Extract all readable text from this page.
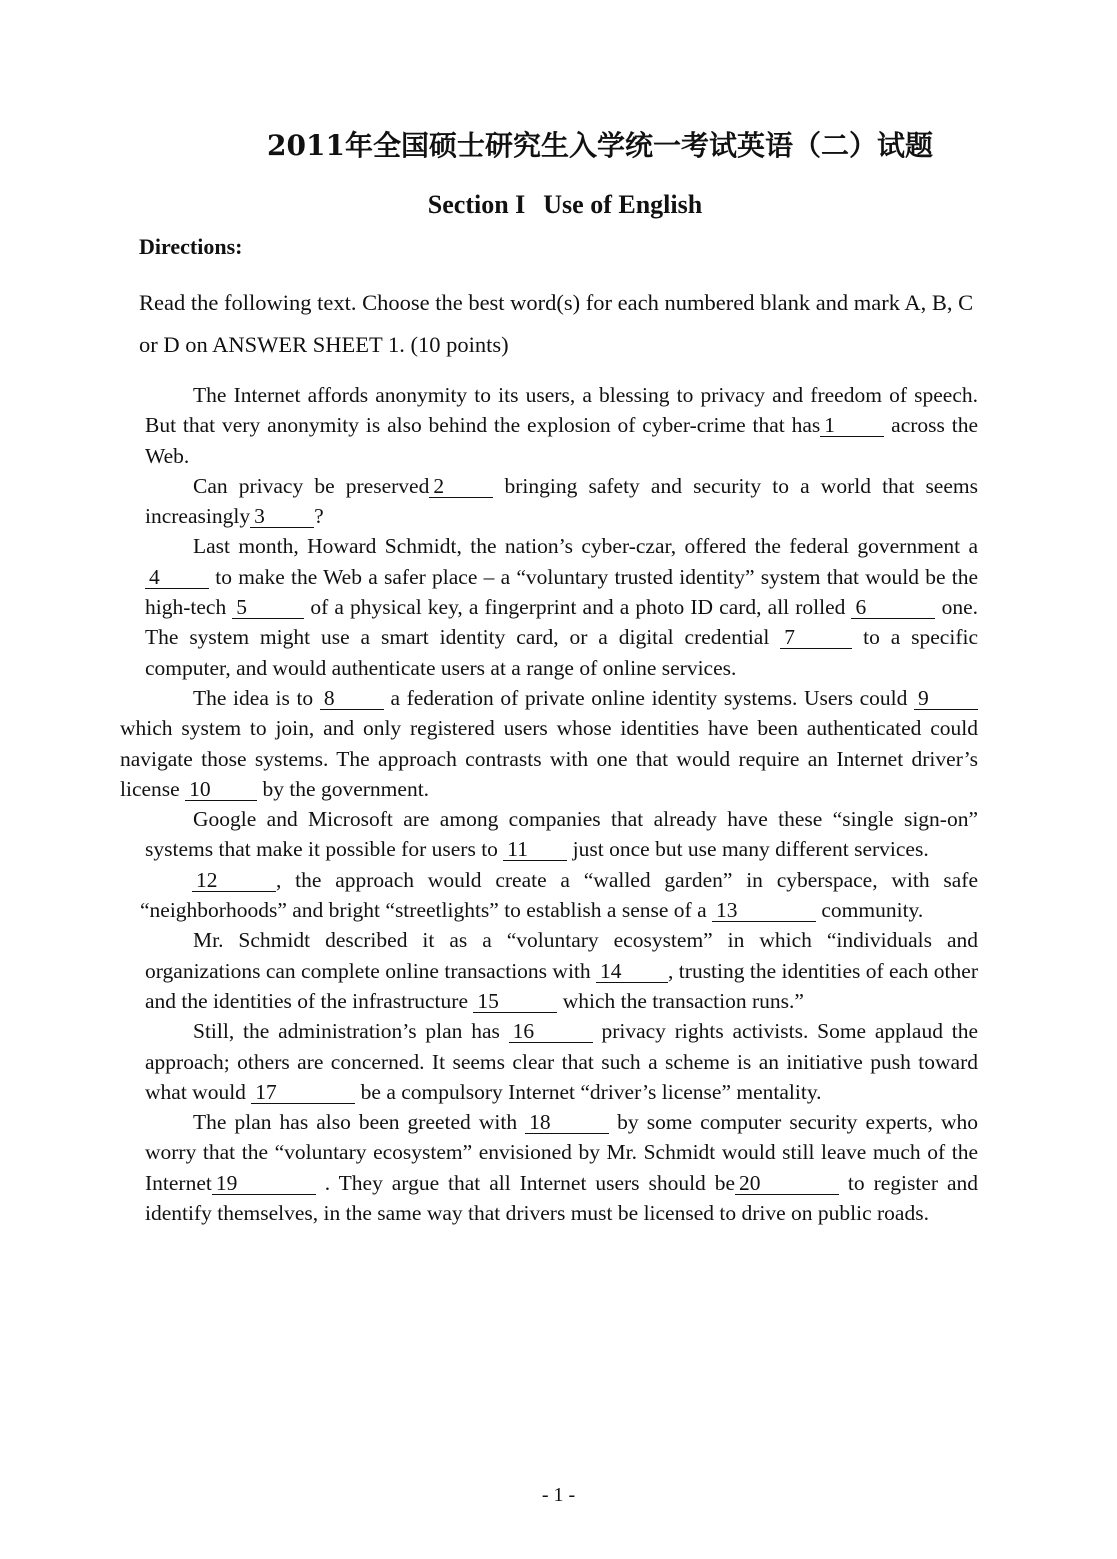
2011年全国硕士研究生入学统一考试英语（二）试题
Section I Use of English
Directions:
Read the following text. Choose the best word(s) for each numbered blank and mark A, B, C or D on ANSWER SHEET 1. (10 points)

The Internet affords anonymity to its users, a blessing to privacy and freedom of speech. But that very anonymity is also behind the explosion of cyber-crime that has 1 across the Web.

Can privacy be preserved 2 bringing safety and security to a world that seems increasingly 3 ?

Last month, Howard Schmidt, the nation’s cyber-czar, offered the federal government a 4 to make the Web a safer place – a “voluntary trusted identity” system that would be the high-tech 5	of a physical key, a fingerprint and a photo ID card, all rolled 6	one. The system might use a smart identity card, or a digital credential 7	to a specific computer, and would authenticate users at a range of online services.

The idea is to 8 a federation of private online identity systems. Users could 9which system to join, and only registered users whose identities have been authenticated could navigate those systems. The approach contrasts with one that would require an Internet driver’s license 10 by the government.

Google and Microsoft are among companies that already have these “single sign-on” systems that make it possible for users to 11 just once but use many different services.

12	, the approach would create a “walled garden” in cyberspace, with safe “neighborhoods” and bright “streetlights” to establish a sense of a 13	community.

Mr. Schmidt described it as a “voluntary ecosystem” in which “individuals and organizations can complete online transactions with 14 , trusting the identities of each other and the identities of the infrastructure 15	which the transaction runs.”

Still, the administration’s plan has 16	privacy rights activists. Some applaud the approach; others are concerned. It seems clear that such a scheme is an initiative push toward what would 17	be a compulsory Internet “driver’s license” mentality.

The plan has also been greeted with 18	by some computer security experts, who worry that the “voluntary ecosystem” envisioned by Mr. Schmidt would still leave much of the Internet 19	. They argue that all Internet users should be 20	to register and identify themselves, in the same way that drivers must be licensed to drive on public roads.

- 1 -
